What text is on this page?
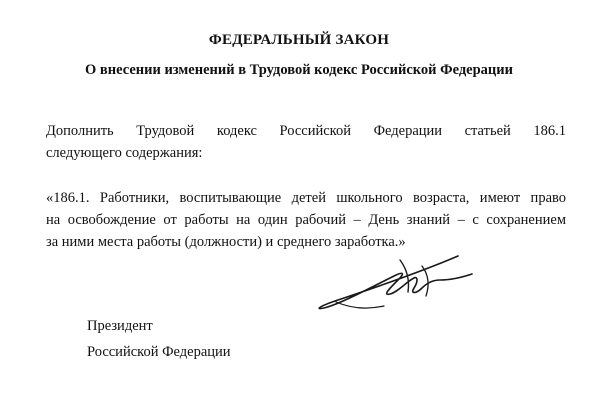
ФЕДЕРАЛЬНЫЙ ЗАКОН
О внесении изменений в Трудовой кодекс Российской Федерации
Дополнить Трудовой кодекс Российской Федерации статьей 186.1
следующего содержания:
«186.1. Работники, воспитывающие детей школьного возраста, имеют право
на освобождение от работы на один рабочий – День знаний – с сохранением
за ними места работы (должности) и среднего заработка.»
Президент
Российской Федерации
